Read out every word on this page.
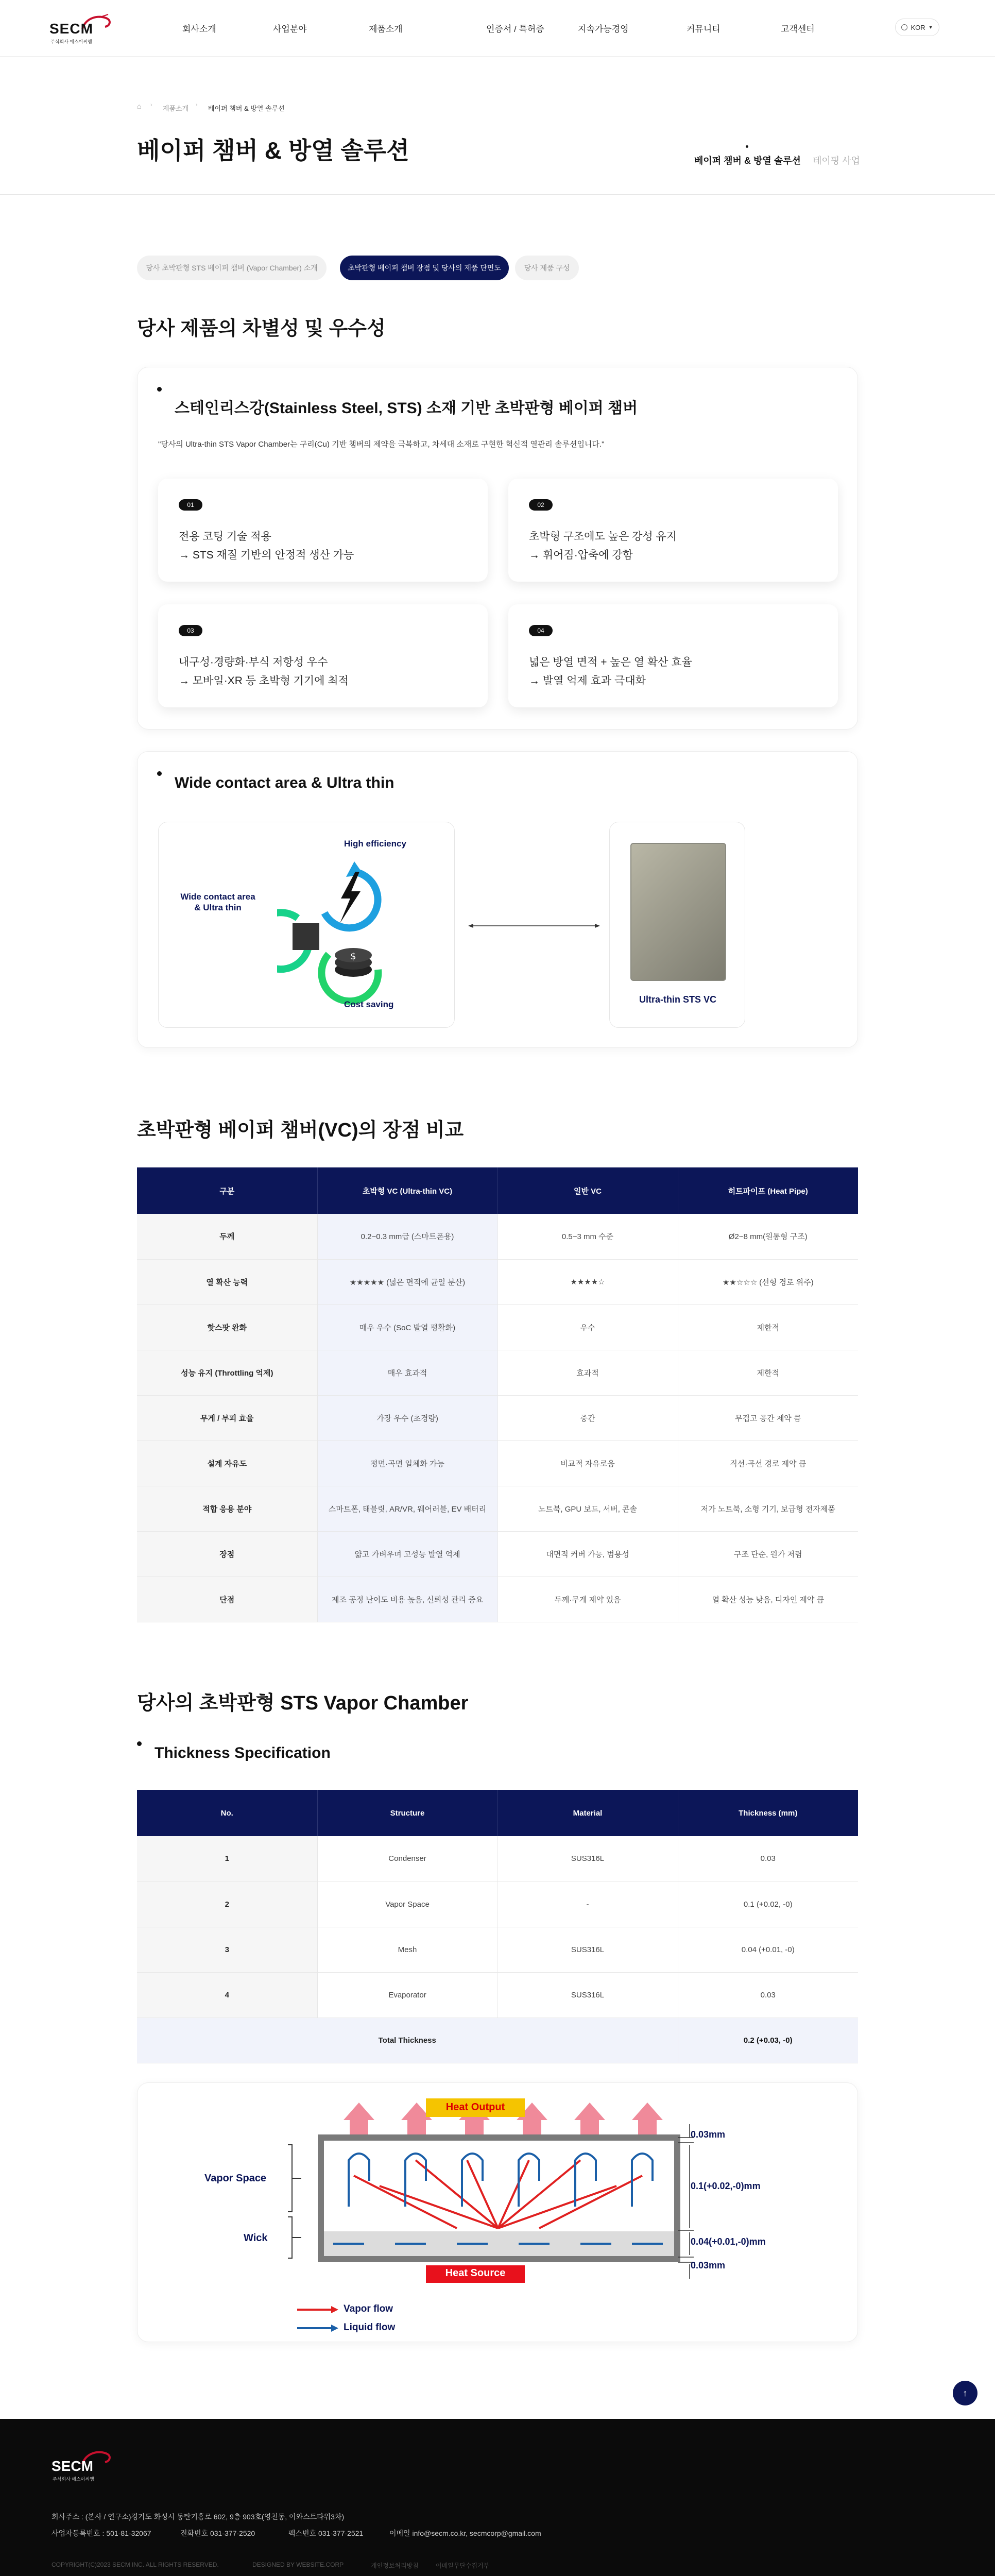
SECM
주식회사 에스이씨엠
회사소개	사업분야	제품소개	인증서 / 특허증	지속가능경영	커뮤니티	고객센터	KOR ▼
⌂ › 제품소개 › 베이퍼 챔버 & 방열 솔루션
베이퍼 챔버 & 방열 솔루션	베이퍼 챔버 & 방열 솔루션 테이핑 사업
당사 초박판형 STS 베이퍼 챔버 (Vapor Chamber) 소개	초박판형 베이퍼 챔버 장점 및 당사의 제품 단면도	당사 제품 구성
당사 제품의 차별성 및 우수성
스테인리스강(Stainless Steel, STS) 소재 기반 초박판형 베이퍼 챔버
"당사의 Ultra-thin STS Vapor Chamber는 구리(Cu) 기반 챔버의 제약을 극복하고, 차세대 소재로 구현한 혁신적 열관리 솔루션입니다."
01
전용 코팅 기술 적용
→ STS 재질 기반의 안정적 생산 가능
02
초박형 구조에도 높은 강성 유지
→ 휘어짐·압축에 강함
03
내구성·경량화·부식 저항성 우수
→ 모바일·XR 등 초박형 기기에 최적
04
넓은 방열 면적 + 높은 열 확산 효율
→ 발열 억제 효과 극대화
Wide contact area & Ultra thin
Wide contact area & Ultra thin
$
High efficiency
Cost saving	Ultra-thin STS VC
초박판형 베이퍼 챔버(VC)의 장점 비교
구분	초박형 VC (Ultra-thin VC)	일반 VC	히트파이프 (Heat Pipe)
두께	0.2~0.3 mm급 (스마트폰용)	0.5~3 mm 수준	Ø2~8 mm(원통형 구조)
열 확산 능력	★★★★★ (넓은 면적에 균일 분산)	★★★★☆	★★☆☆☆ (선형 경로 위주)
핫스팟 완화	매우 우수 (SoC 발열 평활화)	우수	제한적
성능 유지 (Throttling 억제)	매우 효과적	효과적	제한적
무게 / 부피 효율	가장 우수 (초경량)	중간	무겁고 공간 제약 큼
설계 자유도	평면·곡면 일체화 가능	비교적 자유로움	직선·곡선 경로 제약 큼
적합 응용 분야	스마트폰, 태블릿, AR/VR, 웨어러블, EV 배터리	노트북, GPU 보드, 서버, 콘솔	저가 노트북, 소형 기기, 보급형 전자제품
장점	얇고 가벼우며 고성능 발열 억제	대면적 커버 가능, 범용성	구조 단순, 원가 저렴
단점	제조 공정 난이도 비용 높음, 신뢰성 관리 중요	두께·무게 제약 있음	열 확산 성능 낮음, 디자인 제약 큼
당사의 초박판형 STS Vapor Chamber
Thickness Specification
No.	Structure	Material	Thickness (mm)
1	Condenser	SUS316L	0.03
2	Vapor Space	-	0.1 (+0.02, -0)
3	Mesh	SUS316L	0.04 (+0.01, -0)
4	Evaporator	SUS316L	0.03
Total Thickness			0.2 (+0.03, -0)
Heat Output
Heat Source
Vapor Space
Wick
0.03mm
0.1(+0.02,-0)mm
0.04(+0.01,-0)mm
0.03mm
Vapor flow
Liquid flow
↑
SECM
주식회사 에스이씨엠
회사주소 : (본사 / 연구소)경기도 화성시 동탄기흥로 602, 9층 903호(영천동, 이와스트타워3차)
사업자등록번호 : 501-81-32067	전화번호 031-377-2520	팩스번호 031-377-2521	이메일 info@secm.co.kr, secmcorp@gmail.com
COPYRIGHT(C)2023 SECM INC. ALL RIGHTS RESERVED.	DESIGNED BY WEBSITE.CORP	개인정보처리방침	이메일무단수집거부
